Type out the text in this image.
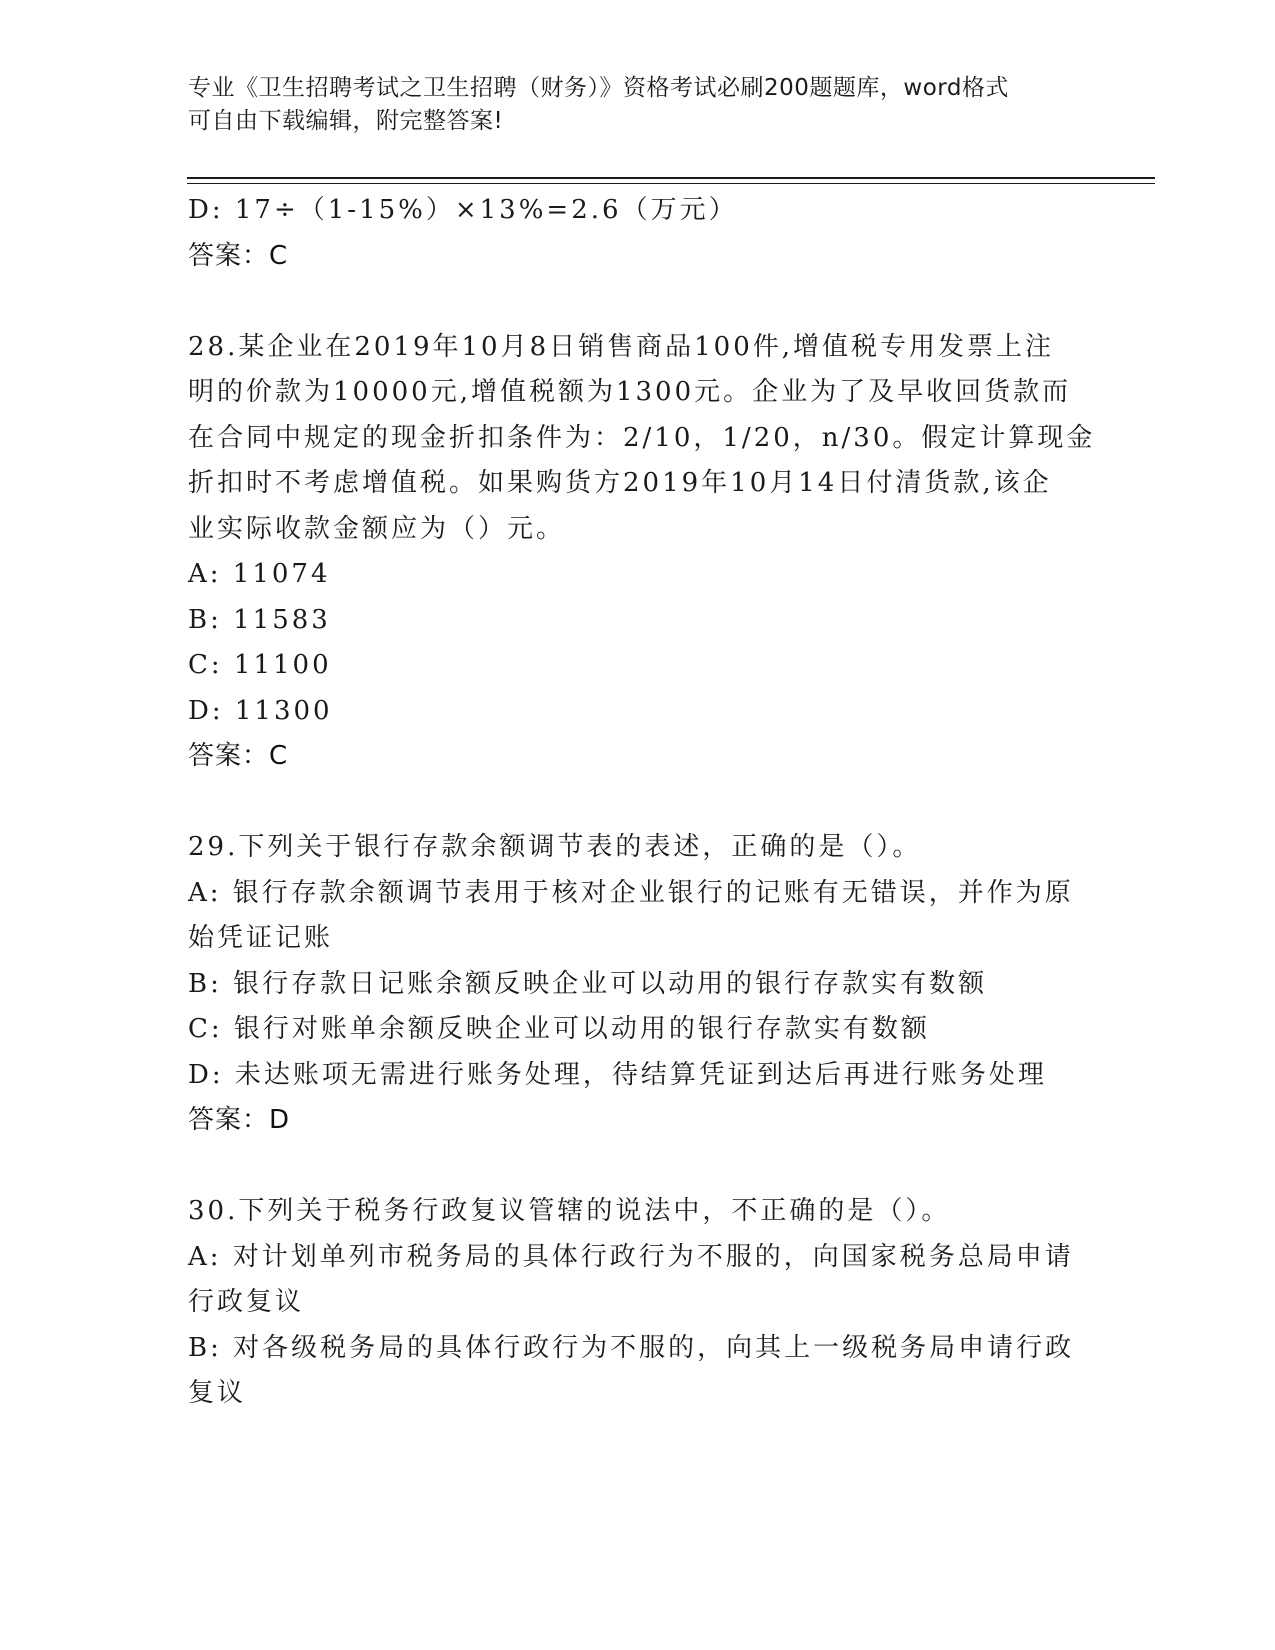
专业《卫生招聘考试之卫生招聘（财务）》资格考试必刷200题题库，word格式
可自由下载编辑，附完整答案!
D: 17÷（1-15%）×13%=2.6（万元）
答案：C
28.某企业在2019年10月8日销售商品100件,增值税专用发票上注
明的价款为10000元,增值税额为1300元。企业为了及早收回货款而
在合同中规定的现金折扣条件为：2/10，1/20，n/30。假定计算现金
折扣时不考虑增值税。如果购货方2019年10月14日付清货款,该企
业实际收款金额应为（）元。
A: 11074
B: 11583
C: 11100
D: 11300
答案：C
29.下列关于银行存款余额调节表的表述，正确的是（）。
A: 银行存款余额调节表用于核对企业银行的记账有无错误，并作为原
始凭证记账
B: 银行存款日记账余额反映企业可以动用的银行存款实有数额
C: 银行对账单余额反映企业可以动用的银行存款实有数额
D: 未达账项无需进行账务处理，待结算凭证到达后再进行账务处理
答案：D
30.下列关于税务行政复议管辖的说法中，不正确的是（）。
A: 对计划单列市税务局的具体行政行为不服的，向国家税务总局申请
行政复议
B: 对各级税务局的具体行政行为不服的，向其上一级税务局申请行政
复议
